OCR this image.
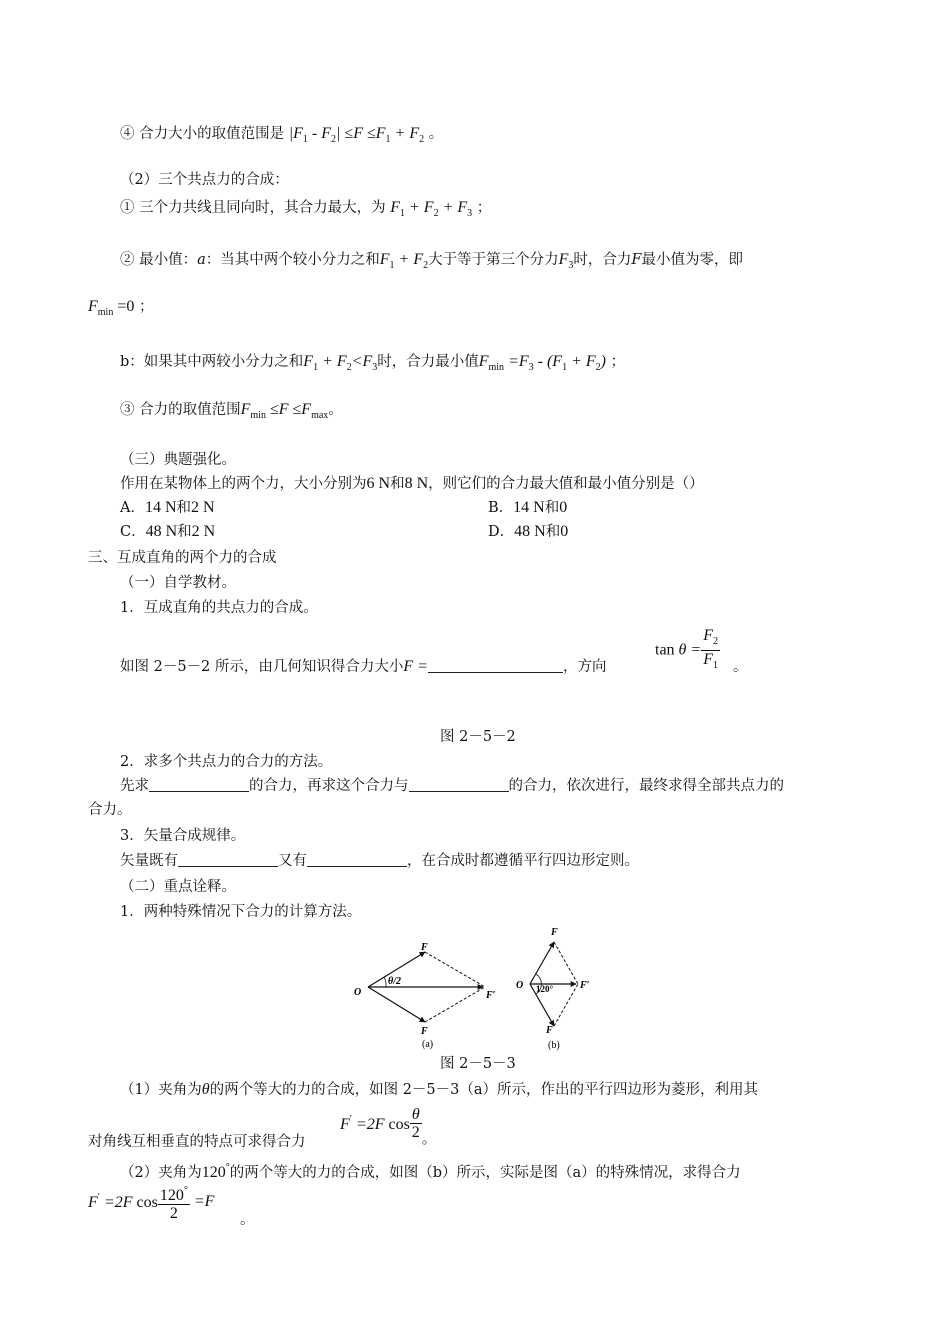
④ 合力大小的取值范围是 $|F_1 - F_2| \le F \le F_1 + F_2$ 。
（2）三个共点力的合成：
① 三个力共线且同向时，其合力最大，为 $F_1 + F_2 + F_3$ ；
② 最小值：a：当其中两个较小分力之和$F_1 + F_2$大于等于第三个分力$F_3$时，合力F最小值为零，即
$F_{min} =0$ ；
b：如果其中两较小分力之和$F_1 + F_2<F_3$时，合力最小值$F_{min} =F_3 - (F_1 + F_2)$ ；
③ 合力的取值范围$F_{min} \le F \le F_{max}$。
（三）典题强化。
作用在某物体上的两个力，大小分别为6 N和8 N，则它们的合力最大值和最小值分别是（）
A．14 N和2 N	B．14 N和0
C．48 N和2 N	D．48 N和0
三、互成直角的两个力的合成
（一）自学教材。
1．互成直角的共点力的合成。
$\tan \theta = \frac{F_2}{F_1}$
如图 2－5－2 所示，由几何知识得合力大小F =	，方向	。
图 2－5－2
2．求多个共点力的合力的方法。
先求	的合力，再求这个合力与	的合力，依次进行，最终求得全部共点力的
合力。
3．矢量合成规律。
矢量既有	又有	，在合成时都遵循平行四边形定则。
（二）重点诠释。
1．两种特殊情况下合力的计算方法。
F
F
O
θ/2
F′
(a)
F
F
O 120°	F′
(b)
图 2－5－3
（1）夹角为θ的两个等大的力的合成，如图 2－5－3（a）所示，作出的平行四边形为菱形，利用其
对角线互相垂直的特点可求得合力
F′ =2F $\cos \frac{\theta}{2}$ 。
（2）夹角为120°的两个等大的力的合成，如图（b）所示，实际是图（a）的特殊情况，求得合力
F′ =2F $\cos \frac{120^\circ}{2} =F$
。
